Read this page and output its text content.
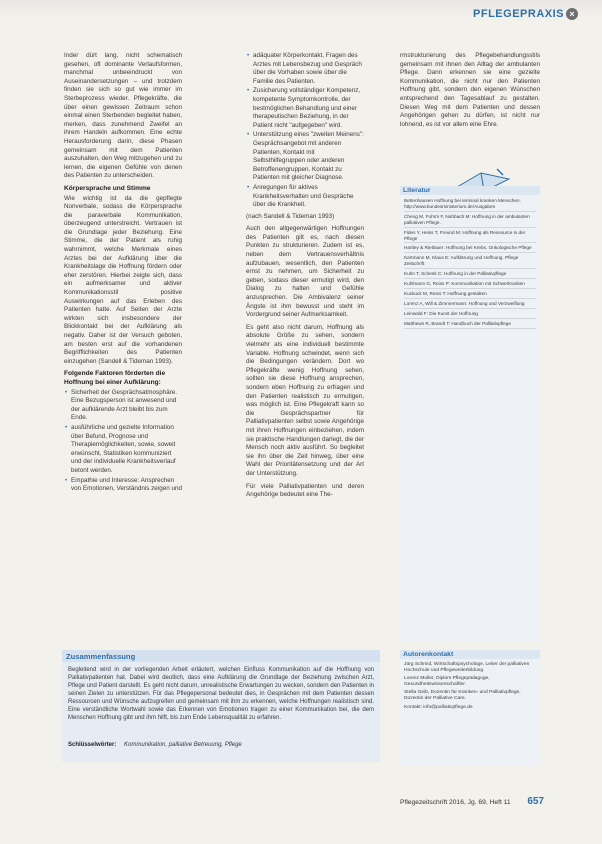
PFLEGEPRAXIS ×

Inder dürt lang, nicht schematisch gesehen, oft dominante Verlaufsformen, manchmal unbeeindruckt von Auseinandersetzungen – und trotzdem finden sie sich so gut wie immer im Sterbeprozess wieder. Pflegekräfte, die über einen gewissen Zeitraum schon einmal einen Sterbenden begleitet haben, merken, dass zunehmend Zweifel an ihrem Handeln aufkommen. Eine echte Herausforderung darin, diese Phasen gemeinsam mit dem Patienten auszuhalten, den Weg mitzugehen und zu lernen, die eigenen Gefühle von denen des Patienten zu unterscheiden.

Körpersprache und Stimme

Wie wichtig ist da die gepflegte Nonverbale, sodass die Körpersprache die paraverbale Kommunikation, überzeugend unterstreicht. Vertrauen ist die Grundlage jeder Beziehung. Eine Stimme, die der Patient als ruhig wahrnimmt, welche Merkmale eines Arztes bei der Aufklärung über die Krankheitslage die Hoffnung fördern oder eher zerstören. Hierbei zeigte sich, dass ein aufmerksamer und aktiver Kommunikationsstil positive Auswirkungen auf das Erleben des Patienten hatte. Auf Seiten der Arzte wirkten sich insbesondere der Blickkontakt bei der Aufklärung als negativ. Daher ist der Versuch geboten, am besten erst auf die vorhandenen Begrifflichkeiten des Patienten einzugehen (Sandell & Tideman 1993).

Folgende Faktoren förderten die Hoffnung bei einer Aufklärung:
• Sicherheit der Gesprächsatmosphäre. Eine Bezugsperson ist anwesend und der aufklärende Arzt bleibt bis zum Ende.
• ausführliche und gezielte Information über Befund, Prognose und Therapiemöglichkeiten, sowie, soweit erwünscht, Statistiken kommuniziert und der individuelle Krankheitsverlauf betont werden.
• Empathie und Interesse: Ansprechen von Emotionen, Verständnis zeigen und
• adäquater Körperkontakt, Fragen des Arztes mit Lebensbezug und Gespräch über die Vorhaben sowie über die Familie des Patienten.
• Zusicherung vollständiger Kompetenz, kompetente Symptomkontrolle, der bestmöglichen Behandlung und einer therapeutischen Beziehung, in der Patient nicht "aufgegeben" wird.
• Unterstützung eines "zweiten Meinens": Gesprächsangebot mit anderen Patienten, Kontakt mit Selbsthilfegruppen oder anderen Betroffenengruppen. Kontakt zu Patienten mit gleicher Diagnose.
• Anregungen für aktives Krankheitsverhalten und Gespräche über die Krankheit.

(nach Sandell & Tideman 1993)

Auch den allgegenwärtigen Hoffnungen des Patienten gilt es, nach diesen Punkten zu strukturieren. Zudem ist es, neben dem Vertrauensverhältnis aufzubauen, wesentlich, den Patienten ernst zu nehmen, um Sicherheit zu geben, sodass dieser ermutigt wird, den Dialog zu halten und Gefühle anzusprechen. Die Ambivalenz seiner Ängste ist ihm bewusst und steht im Vordergrund seiner Aufmerksamkeit.

Es geht also nicht darum, Hoffnung als absolute Größe zu sehen, sondern vielmehr als eine individuell bestimmte Variable. Hoffnung schwindet, wenn sich die Bedingungen verändern. Dort wo Pflegekräfte wenig Hoffnung sehen, sollten sie diese Hoffnung ansprechen, sondern eben Hoffnung zu erfragen und den Patienten realistisch zu ermutigen, was möglich ist. Eine Pflegekraft kann so die Gesprächspartner für Palliativpatienten selbst sowie Angehörige mit ihren Hoffnungen einbeziehen, indem sie praktische Handlungen darlegt, die der Mensch noch aktiv ausführt. So begleitet sie ihn über die Zeit hinweg, über eine Wahl der Prioritätensetzung und der Art der Unterstützung.

Für viele Palliativpatienten und deren Angehörige bedeutet eine The-

rmstrukturierung des Pflegebehandlungsstils gemeinsam mit ihnen den Alltag der ambulanten Pflege. Dann erkennen sie eine gezielte Kommunikation, die nicht nur den Patienten Hoffnung gibt, sondern den eigenen Wünschen entsprechend den Tagesablauf zu gestalten. Diesen Weg mit dem Patienten und dessen Angehörigen gehen zu dürfen, ist nicht nur lohnend, es ist vor allem eine Ehre.

Literatur
Bettenhausen Hoffnung bei terminal kranken Menschen. http://www.bundesministerium.de/Ausgaben
Cheng M, Fuhrm F, Nuhbach M: Hoffnung in der ambulanten palliativen Pflege.
Fides Y, Heiss T, Freund M: Hoffnung als Ressource in der Pflege
Hartley & Rietlauer: Hoffnung bei Krebs. Onkologische Pflege
Kartmann M, Klaus E: Aufklärung und Hoffnung. Pflege Zeitschrift
Kuhn T, Schenk C: Hoffnung in der Palliativpflege
Kuhlmann G, Reiss P: Kommunikation mit Schwerkranken
Kuckuck M, Reiss T: Hoffnung gestalten
Lorenz A, Will & Zimmermann: Hoffnung und Verzweiflung
Leinwald F: Die Kunst der Hoffnung
Matthews R, Brandt T: Handbuch der Palliativpflege
Autorenkontakt

Jürg Schmid, Wirtschaftspsychologe, Leiter der palliativen Hochschule und Pflegeweiterbildung.

Lorenz Muller, Diplom Pflegepädagoge, Gesundheitswissenschaftler.

Stella Geib, Dozentin für Kranken- und Palliativpflege, Dozentin der Palliative Care.

Kontakt: info@palliativpflege.de

Zusammenfassung
Begleitend wird in der vorliegenden Arbeit erläutert, welchen Einfluss Kommunikation auf die Hoffnung von Palliativpatienten hat. Dabei wird deutlich, dass eine Aufklärung die Grundlage der Beziehung zwischen Arzt, Pflege und Patient darstellt. Es geht nicht darum, unrealistische Erwartungen zu wecken, sondern den Patienten in seinen Zielen zu unterstützen. Für das Pflegepersonal bedeutet dies, in Gesprächen mit dem Patienten dessen Ressourcen und Wünsche aufzugreifen und gemeinsam mit ihm zu erkennen, welche Hoffnungen realistisch sind. Eine verständliche Wortwahl sowie das Erkennen von Emotionen tragen zu einer Kommunikation bei, die dem Menschen Hoffnung gibt und ihm hilft, bis zum Ende Lebensqualität zu erfahren.
Schlüsselwörter: Kommunikation, palliative Betreuung, Pflege
Pflegezeitschrift 2016, Jg. 69, Heft 11 657
